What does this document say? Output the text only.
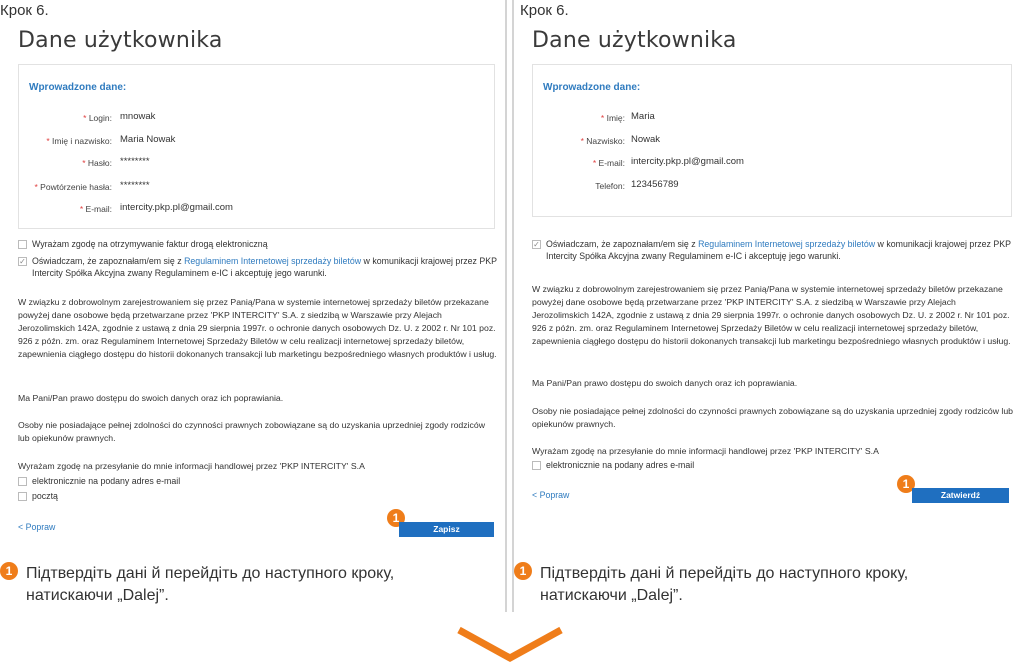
Крок 6.
Dane użytkownika
Wprowadzone dane:
* Login: mnowak
* Imię i nazwisko: Maria Nowak
* Hasło: ********
* Powtórzenie hasła: ********
* E-mail: intercity.pkp.pl@gmail.com
Wyrażam zgodę na otrzymywanie faktur drogą elektroniczną
✓ Oświadczam, że zapoznałam/em się z Regulaminem Internetowej sprzedaży biletów w komunikacji krajowej przez PKP Intercity Spółka Akcyjna zwany Regulaminem e-IC i akceptuję jego warunki.
W związku z dobrowolnym zarejestrowaniem się przez Panią/Pana w systemie internetowej sprzedaży biletów przekazane powyżej dane osobowe będą przetwarzane przez 'PKP INTERCITY' S.A. z siedzibą w Warszawie przy Alejach Jerozolimskich 142A, zgodnie z ustawą z dnia 29 sierpnia 1997r. o ochronie danych osobowych Dz. U. z 2002 r. Nr 101 poz. 926 z późn. zm. oraz Regulaminem Internetowej Sprzedaży Biletów w celu realizacji internetowej sprzedaży biletów, zapewnienia ciągłego dostępu do historii dokonanych transakcji lub marketingu bezpośredniego własnych produktów i usług.
Ma Pani/Pan prawo dostępu do swoich danych oraz ich poprawiania.
Osoby nie posiadające pełnej zdolności do czynności prawnych zobowiązane są do uzyskania uprzedniej zgody rodziców lub opiekunów prawnych.
Wyrażam zgodę na przesyłanie do mnie informacji handlowej przez 'PKP INTERCITY' S.A
elektronicznie na podany adres e-mail
pocztą
< Popraw
1
Zapisz
1 Підтвердіть дані й перейдіть до наступного кроку,
натискаючи „Dalej”.
Крок 6.
Dane użytkownika
Wprowadzone dane:
* Imię: Maria
* Nazwisko: Nowak
* E-mail: intercity.pkp.pl@gmail.com
Telefon: 123456789
✓ Oświadczam, że zapoznałam/em się z Regulaminem Internetowej sprzedaży biletów w komunikacji krajowej przez PKP Intercity Spółka Akcyjna zwany Regulaminem e-IC i akceptuję jego warunki.
W związku z dobrowolnym zarejestrowaniem się przez Panią/Pana w systemie internetowej sprzedaży biletów przekazane powyżej dane osobowe będą przetwarzane przez 'PKP INTERCITY' S.A. z siedzibą w Warszawie przy Alejach Jerozolimskich 142A, zgodnie z ustawą z dnia 29 sierpnia 1997r. o ochronie danych osobowych Dz. U. z 2002 r. Nr 101 poz. 926 z późn. zm. oraz Regulaminem Internetowej Sprzedaży Biletów w celu realizacji internetowej sprzedaży biletów, zapewnienia ciągłego dostępu do historii dokonanych transakcji lub marketingu bezpośredniego własnych produktów i usług.
Ma Pani/Pan prawo dostępu do swoich danych oraz ich poprawiania.
Osoby nie posiadające pełnej zdolności do czynności prawnych zobowiązane są do uzyskania uprzedniej zgody rodziców lub opiekunów prawnych.
Wyrażam zgodę na przesyłanie do mnie informacji handlowej przez 'PKP INTERCITY' S.A
elektronicznie na podany adres e-mail
< Popraw
1
Zatwierdź
1 Підтвердіть дані й перейдіть до наступного кроку,
натискаючи „Dalej”.
